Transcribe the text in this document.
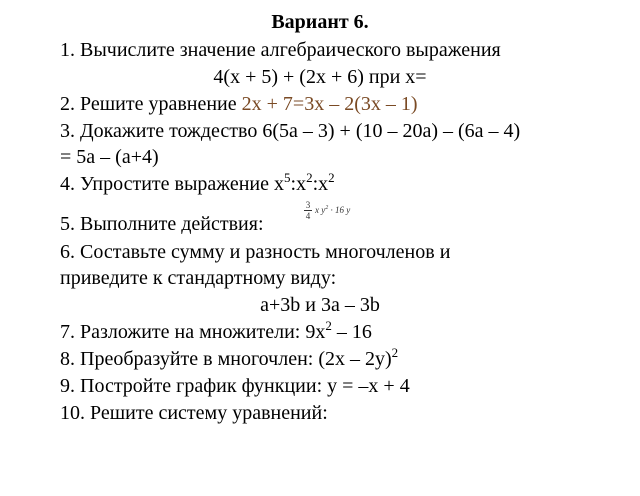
Вариант 6.
1. Вычислите значение алгебраического выражения
4(x + 5) + (2x + 6) при x=
2. Решите уравнение 2x + 7=3x – 2(3x – 1)
3. Докажите тождество 6(5a – 3) + (10 – 20a) – (6a – 4)
= 5a – (a+4)
4. Упростите выражение $x^5:x^2:x^2$
5. Выполните действия:
$\frac{3}{4}$ x $y^2 \cdot 16$ y
6. Составьте сумму и разность многочленов и
приведите к стандартному виду:
a+3b и 3a – 3b
7. Разложите на множители: $9x^2 - 16$
8. Преобразуйте в многочлен: (2x – 2y)$^2$
9. Постройте график функции: y = –x + 4
10. Решите систему уравнений:
